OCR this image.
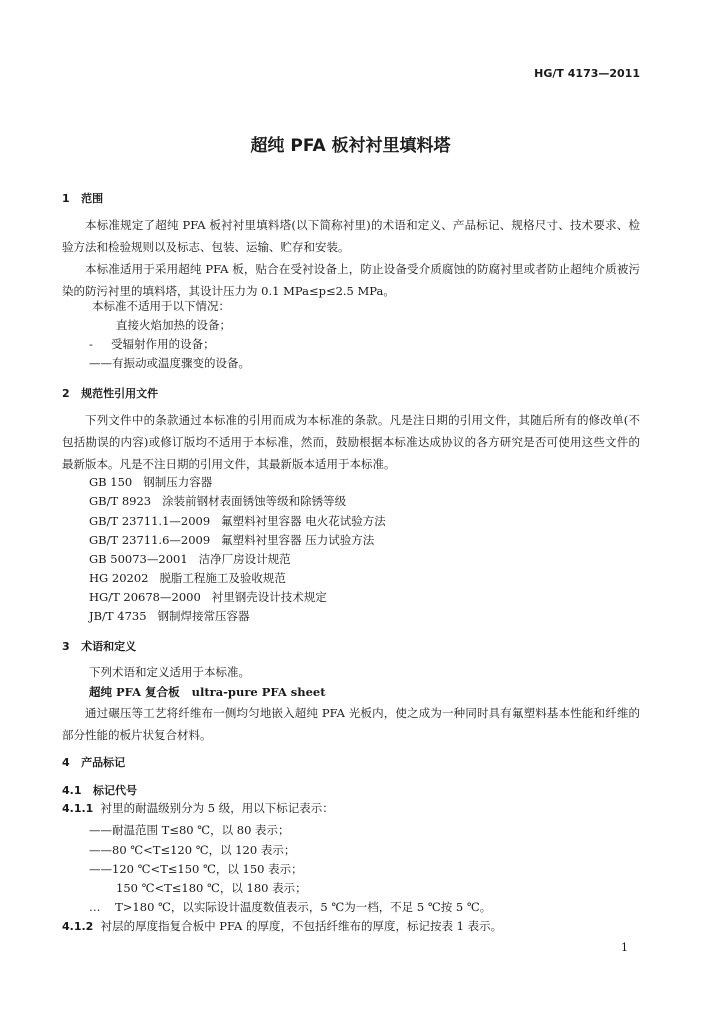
HG/T 4173—2011
超纯 PFA 板衬衬里填料塔
1 范围
本标准规定了超纯 PFA 板衬衬里填料塔(以下简称衬里)的术语和定义、产品标记、规格尺寸、技术要求、检验方法和检验规则以及标志、包装、运输、贮存和安装。
本标准适用于采用超纯 PFA 板，贴合在受衬设备上，防止设备受介质腐蚀的防腐衬里或者防止超纯介质被污染的防污衬里的填料塔，其设计压力为 0.1 MPa≤p≤2.5 MPa。
本标准不适用于以下情况：
直接火焰加热的设备；
-     受辐射作用的设备；
——有振动或温度骤变的设备。
2 规范性引用文件
下列文件中的条款通过本标准的引用而成为本标准的条款。凡是注日期的引用文件，其随后所有的修改单(不包括勘误的内容)或修订版均不适用于本标准，然而，鼓励根据本标准达成协议的各方研究是否可使用这些文件的最新版本。凡是不注日期的引用文件，其最新版本适用于本标准。
GB 150 钢制压力容器
GB/T 8923 涂装前钢材表面锈蚀等级和除锈等级
GB/T 23711.1—2009 氟塑料衬里容器 电火花试验方法
GB/T 23711.6—2009 氟塑料衬里容器 压力试验方法
GB 50073—2001 洁净厂房设计规范
HG 20202 脱脂工程施工及验收规范
HG/T 20678—2000 衬里钢壳设计技术规定
JB/T 4735 钢制焊接常压容器
3 术语和定义
下列术语和定义适用于本标准。
超纯 PFA 复合板 ultra-pure PFA sheet
通过碾压等工艺将纤维布一侧均匀地嵌入超纯 PFA 光板内，使之成为一种同时具有氟塑料基本性能和纤维的部分性能的板片状复合材料。
4 产品标记
4.1 标记代号
4.1.1 衬里的耐温级别分为 5 级，用以下标记表示：
——耐温范围 T≤80 ℃，以 80 表示；
——80 ℃<T≤120 ℃，以 120 表示；
——120 ℃<T≤150 ℃，以 150 表示；
150 ℃<T≤180 ℃，以 180 表示；
…    T>180 ℃，以实际设计温度数值表示，5 ℃为一档，不足 5 ℃按 5 ℃。
4.1.2 衬层的厚度指复合板中 PFA 的厚度，不包括纤维布的厚度，标记按表 1 表示。
1
